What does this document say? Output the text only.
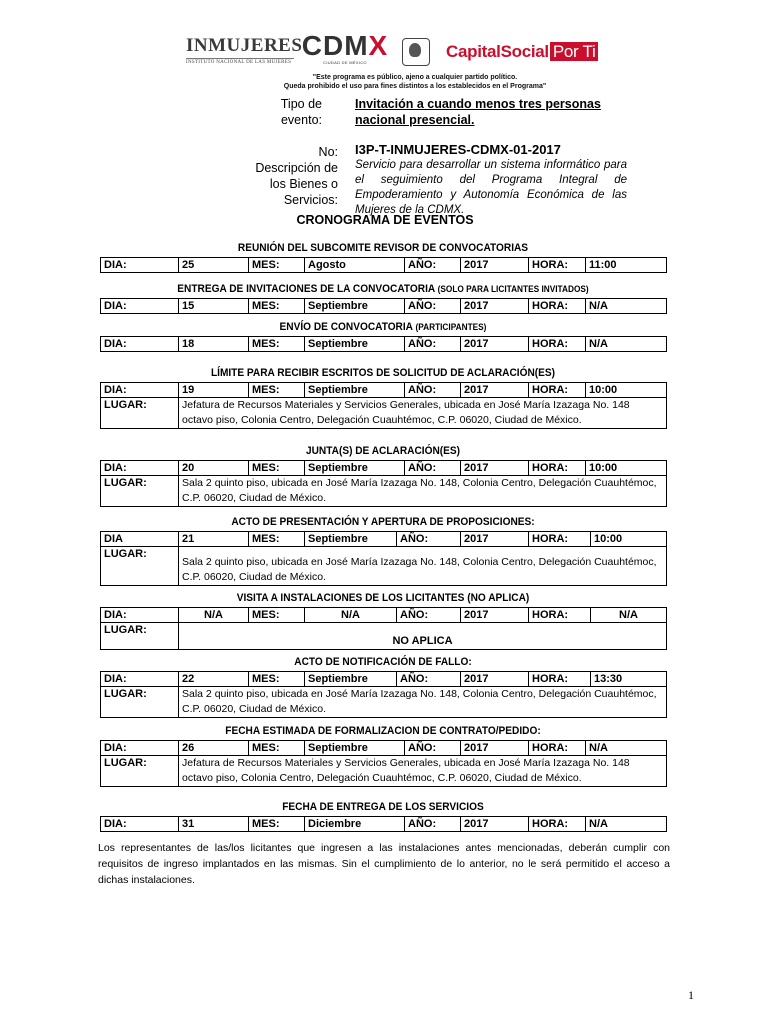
INMUJERES
INSTITUTO NACIONAL DE LAS MUJERES
CDMX
CIUDAD DE MÉXICO
CapitalSocial Por Ti
"Este programa es público, ajeno a cualquier partido político.
Queda prohibido el uso para fines distintos a los establecidos en el Programa"
Tipo de evento:
Invitación a cuando menos tres personas nacional presencial.
No: I3P-T-INMUJERES-CDMX-01-2017
Descripción de los Bienes o Servicios:
Servicio para desarrollar un sistema informático para el seguimiento del Programa Integral de Empoderamiento y Autonomía Económica de las Mujeres de la CDMX.
CRONOGRAMA DE EVENTOS
REUNIÓN DEL SUBCOMITE REVISOR DE CONVOCATORIAS
DIA:	25	MES:	Agosto	AÑO:	2017	HORA:	11:00
ENTREGA DE INVITACIONES DE LA CONVOCATORIA (SOLO PARA LICITANTES INVITADOS)
DIA:	15	MES:	Septiembre	AÑO:	2017	HORA:	N/A
ENVÍO DE CONVOCATORIA (PARTICIPANTES)
DIA:	18	MES:	Septiembre	AÑO:	2017	HORA:	N/A
LÍMITE PARA RECIBIR ESCRITOS DE SOLICITUD DE ACLARACIÓN(ES)
DIA:	19	MES:	Septiembre	AÑO:	2017	HORA:	10:00
LUGAR:	Jefatura de Recursos Materiales y Servicios Generales, ubicada en José María Izazaga No. 148 octavo piso, Colonia Centro, Delegación Cuauhtémoc, C.P. 06020, Ciudad de México.						
JUNTA(S) DE ACLARACIÓN(ES)
DIA:	20	MES:	Septiembre	AÑO:	2017	HORA:	10:00
LUGAR:	Sala 2 quinto piso, ubicada en José María Izazaga No. 148, Colonia Centro, Delegación Cuauhtémoc, C.P. 06020, Ciudad de México.						
ACTO DE PRESENTACIÓN Y APERTURA DE PROPOSICIONES:
DIA	21	MES:	Septiembre	AÑO:	2017	HORA:	10:00
LUGAR:	Sala 2 quinto piso, ubicada en José María Izazaga No. 148, Colonia Centro, Delegación Cuauhtémoc, C.P. 06020, Ciudad de México.						
VISITA A INSTALACIONES DE LOS LICITANTES (NO APLICA)
DIA:	N/A	MES:	N/A	AÑO:	2017	HORA:	N/A
LUGAR:	NO APLICA						
ACTO DE NOTIFICACIÓN DE FALLO:
DIA:	22	MES:	Septiembre	AÑO:	2017	HORA:	13:30
LUGAR:	Sala 2 quinto piso, ubicada en José María Izazaga No. 148, Colonia Centro, Delegación Cuauhtémoc, C.P. 06020, Ciudad de México.						
FECHA ESTIMADA DE FORMALIZACION DE CONTRATO/PEDIDO:
DIA:	26	MES:	Septiembre	AÑO:	2017	HORA:	N/A
LUGAR:	Jefatura de Recursos Materiales y Servicios Generales, ubicada en José María Izazaga No. 148 octavo piso, Colonia Centro, Delegación Cuauhtémoc, C.P. 06020, Ciudad de México.						
FECHA DE ENTREGA DE LOS SERVICIOS
DIA:	31	MES:	Diciembre	AÑO:	2017	HORA:	N/A
Los representantes de las/los licitantes que ingresen a las instalaciones antes mencionadas, deberán cumplir con requisitos de ingreso implantados en las mismas. Sin el cumplimiento de lo anterior, no le será permitido el acceso a dichas instalaciones.
1
